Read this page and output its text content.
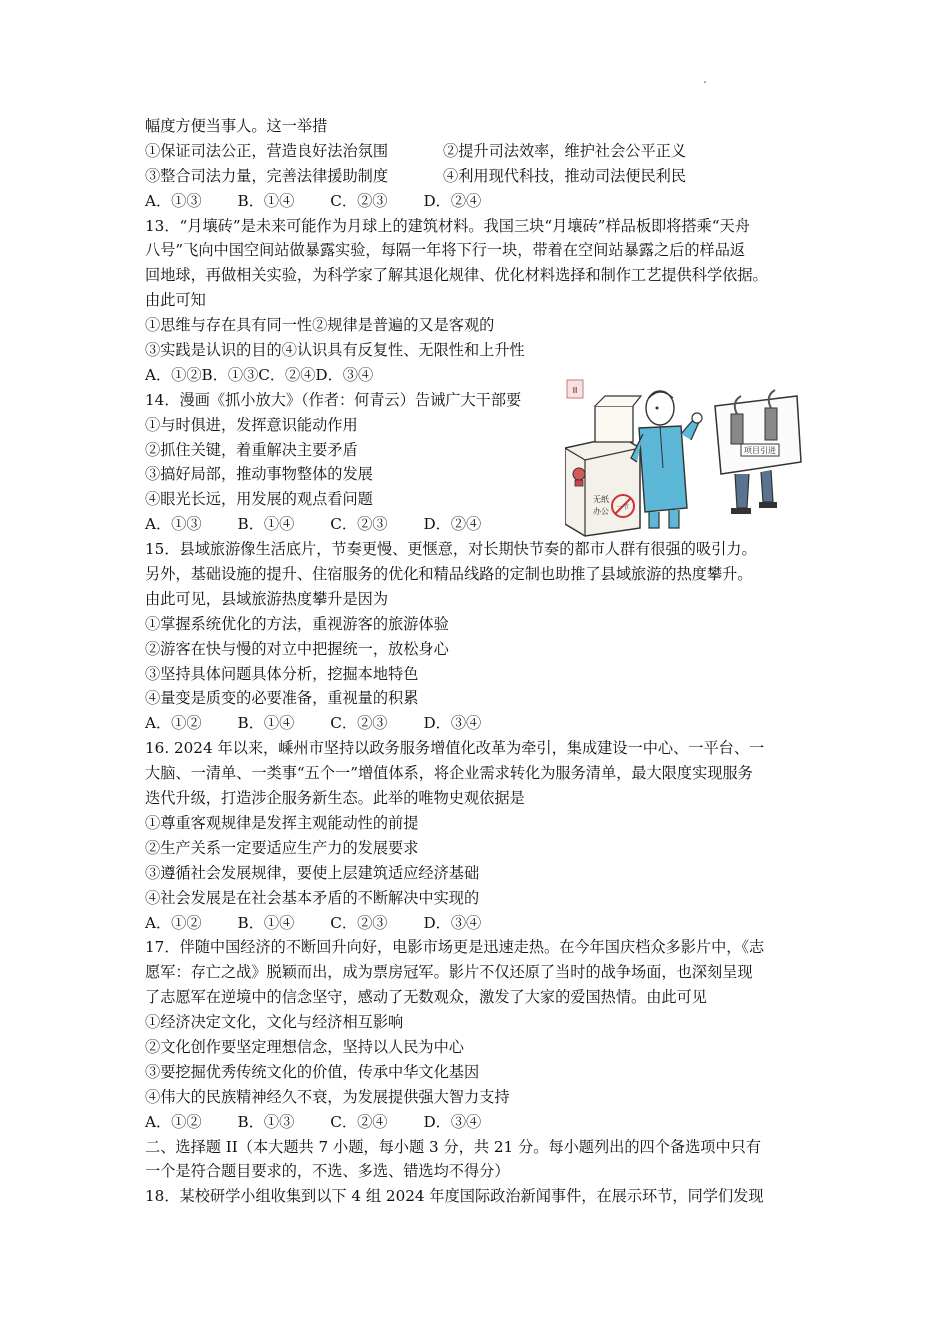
.
幅度方便当事人。这一举措
①保证司法公正，营造良好法治氛围	②提升司法效率，维护社会公平正义
③整合司法力量，完善法律援助制度	④利用现代科技，推动司法便民利民
A．①③ B．①④ C．②③ D．②④
13．“月壤砖”是未来可能作为月球上的建筑材料。我国三块“月壤砖”样品板即将搭乘“天舟
八号”飞向中国空间站做暴露实验，每隔一年将下行一块，带着在空间站暴露之后的样品返
回地球，再做相关实验，为科学家了解其退化规律、优化材料选择和制作工艺提供科学依据。
由此可知
①思维与存在具有同一性②规律是普遍的又是客观的
③实践是认识的目的④认识具有反复性、无限性和上升性
A．①②B．①③C．②④D．③④
14．漫画《抓小放大》（作者：何青云）告诫广大干部要
①与时俱进，发挥意识能动作用
②抓住关键，着重解决主要矛盾
③搞好局部，推动事物整体的发展
④眼光长远，用发展的观点看问题
A．①③ B．①④ C．②③ D．②④
15．县域旅游像生活底片，节奏更慢、更惬意，对长期快节奏的都市人群有很强的吸引力。
另外，基础设施的提升、住宿服务的优化和精品线路的定制也助推了县域旅游的热度攀升。
由此可见，县域旅游热度攀升是因为
①掌握系统优化的方法，重视游客的旅游体验
②游客在快与慢的对立中把握统一，放松身心
③坚持具体问题具体分析，挖掘本地特色
④量变是质变的必要准备，重视量的积累
A．①② B．①④ C．②③ D．③④
16. 2024 年以来，嵊州市坚持以政务服务增值化改革为牵引，集成建设一中心、一平台、一
大脑、一清单、一类事“五个一”增值体系，将企业需求转化为服务清单，最大限度实现服务
迭代升级，打造涉企服务新生态。此举的唯物史观依据是
①尊重客观规律是发挥主观能动性的前提
②生产关系一定要适应生产力的发展要求
③遵循社会发展规律，要使上层建筑适应经济基础
④社会发展是在社会基本矛盾的不断解决中实现的
A．①② B．①④ C．②③ D．③④
17．伴随中国经济的不断回升向好，电影市场更是迅速走热。在今年国庆档众多影片中，《志
愿军：存亡之战》脱颖而出，成为票房冠军。影片不仅还原了当时的战争场面，也深刻呈现
了志愿军在逆境中的信念坚守，感动了无数观众，激发了大家的爱国热情。由此可见
①经济决定文化，文化与经济相互影响
②文化创作要坚定理想信念，坚持以人民为中心
③要挖掘优秀传统文化的价值，传承中华文化基因
④伟大的民族精神经久不衰，为发展提供强大智力支持
A．①② B．①③ C．②④ D．③④
二、选择题 II（本大题共 7 小题，每小题 3 分，共 21 分。每小题列出的四个备选项中只有
一个是符合题目要求的，不选、多选、错选均不得分）
18．某校研学小组收集到以下 4 组 2024 年度国际政治新闻事件，在展示环节，同学们发现
Ⅲ
无纸
办公 一节
项目引进
